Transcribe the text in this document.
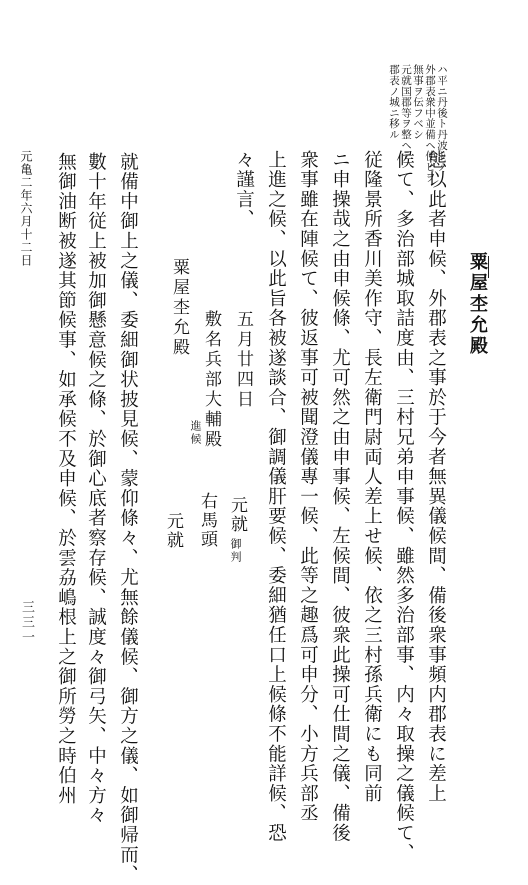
ハ平ニ丹後ト丹波トノ
外郡表衆中並備ヘ使ヒヲ
無事ヲ伝フベシ
元就国郡等ヲ整ヘテ
郡表ノ城ニ移ル
粟屋杢允殿
態以此者申候、外郡表之事於于今者無異儀候間、備後衆事頻内郡表に差上
候て、多治部城取詰度由、三村兄弟申事候、雖然多治部事、内々取操之儀候て、
従隆景所香川美作守、長左衛門尉両人差上せ候、依之三村孫兵衛にも同前
ニ申操哉之由申候條、尤可然之由申事候、左候間、彼衆此操可仕間之儀、備後
衆事雖在陣候て、彼返事可被聞澄儀專一候、此等之趣爲可申分、小方兵部丞
上進之候、以此旨各被遂談合、御調儀肝要候、委細猶任口上候條不能詳候、恐
々謹言、
五月廿四日
元就
御判
敷名兵部大輔殿
進候
右馬頭
粟屋杢允殿
元就
就備中御上之儀、委細御状披見候、蒙仰條々、尤無餘儀候、御方之儀、如御帰而、
數十年従上被加御懸意候之條、於御心底者察存候、誠度々御弓矢、中々方々
無御油断被遂其節候事、如承候不及申候、於雲劦嶋根上之御所勞之時伯州
元亀二年六月十二日
三三一
